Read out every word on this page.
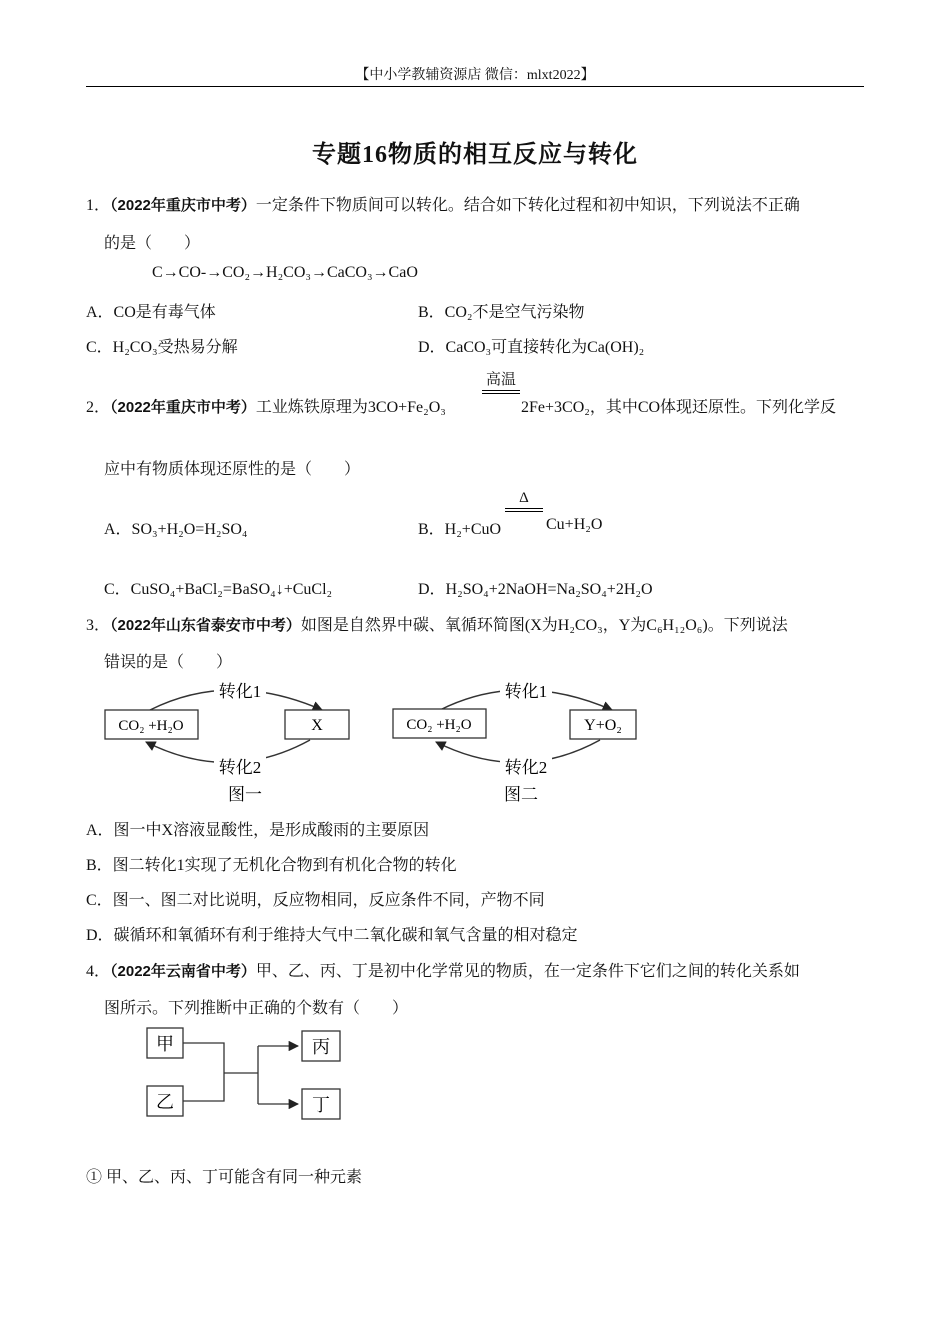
【中小学教辅资源店 微信：mlxt2022】
专题16物质的相互反应与转化
1．（2022年重庆市中考）一定条件下物质间可以转化。结合如下转化过程和初中知识，下列说法不正确
的是（　　）
C→CO-→CO₂→H₂CO₃→CaCO₃→CaO
A．CO是有毒气体	B．CO₂不是空气污染物
C．H₂CO₃受热易分解	D．CaCO₃可直接转化为Ca(OH)₂
2．（2022年重庆市中考）工业炼铁原理为3CO+Fe₂O₃
高温
2Fe+3CO₂，其中CO体现还原性。下列化学反
应中有物质体现还原性的是（　　）
A．SO₃+H₂O=H₂SO₄	B．H₂+CuO
Δ
Cu+H₂O
C．CuSO₄+BaCl₂=BaSO₄↓+CuCl₂	D．H₂SO₄+2NaOH=Na₂SO₄+2H₂O
3．（2022年山东省泰安市中考）如图是自然界中碳、氧循环简图(X为H₂CO₃，Y为C₆H₁₂O₆)。下列说法
错误的是（　　）
转化1
转化2
CO₂ +H₂O	X
图一
转化1
转化2
CO₂ +H₂O	Y+O₂
图二
A．图一中X溶液显酸性，是形成酸雨的主要原因
B．图二转化1实现了无机化合物到有机化合物的转化
C．图一、图二对比说明，反应物相同，反应条件不同，产物不同
D．碳循环和氧循环有利于维持大气中二氧化碳和氧气含量的相对稳定
4．（2022年云南省中考）甲、乙、丙、丁是初中化学常见的物质，在一定条件下它们之间的转化关系如
图所示。下列推断中正确的个数有（　　）
甲
乙
丙
丁
① 甲、乙、丙、丁可能含有同一种元素
